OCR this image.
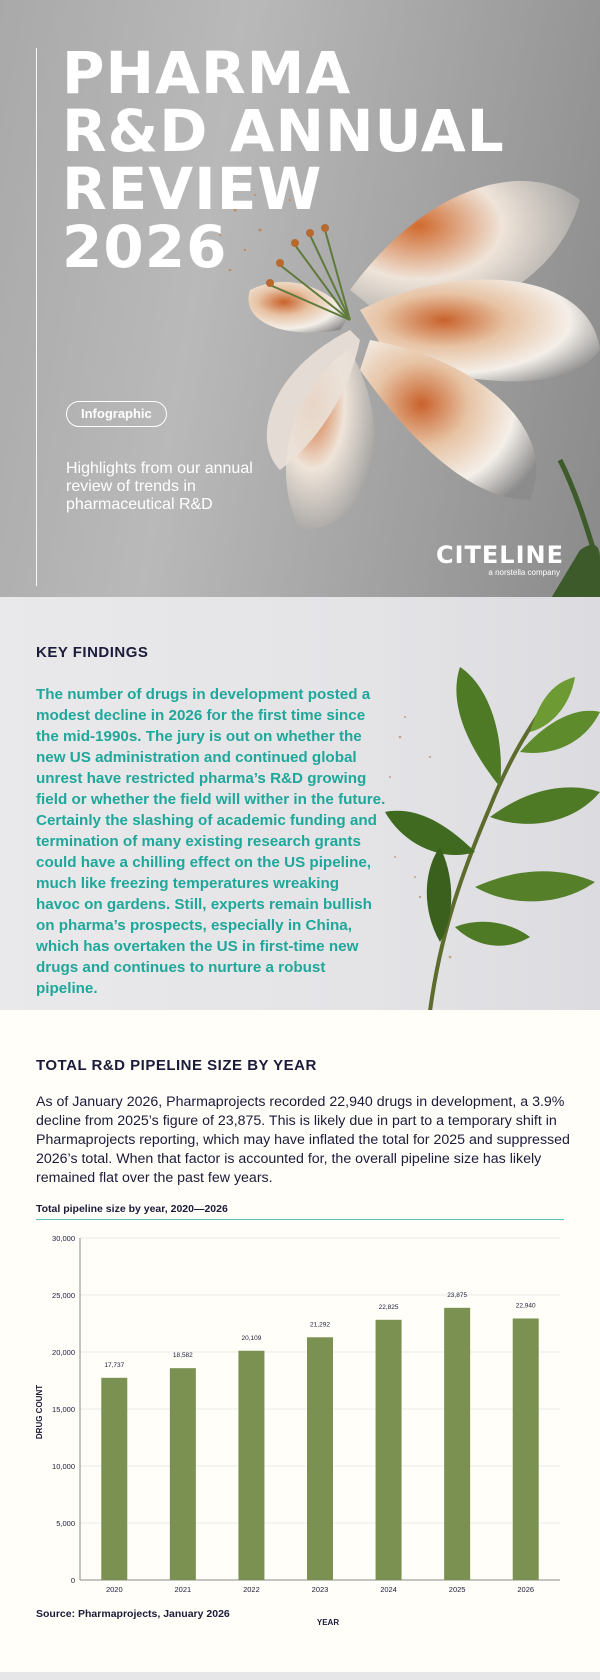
PHARMA
R&D ANNUAL
REVIEW
2026
Infographic

Highlights from our annual review of trends in pharmaceutical R&D

CITELINE
a norstella company
KEY FINDINGS

The number of drugs in development posted a modest decline in 2026 for the first time since the mid-1990s. The jury is out on whether the new US administration and continued global unrest have restricted pharma’s R&D growing field or whether the field will wither in the future. Certainly the slashing of academic funding and termination of many existing research grants could have a chilling effect on the US pipeline, much like freezing temperatures wreaking havoc on gardens. Still, experts remain bullish on pharma’s prospects, especially in China, which has overtaken the US in first-time new drugs and continues to nurture a robust pipeline.

TOTAL R&D PIPELINE SIZE BY YEAR

As of January 2026, Pharmaprojects recorded 22,940 drugs in development, a 3.9% decline from 2025’s figure of 23,875. This is likely due in part to a temporary shift in Pharmaprojects reporting, which may have inflated the total for 2025 and suppressed 2026’s total. When that factor is accounted for, the overall pipeline size has likely remained flat over the past few years.

Total pipeline size by year, 2020—2026

0
5,000
10,000
15,000
20,000
25,000
30,000
2020	2021	2022	2023	2024	2025	2026
17,737
18,582
20,109
21,292
22,825
23,875
22,940
DRUG COUNT
YEAR

Source: Pharmaprojects, January 2026
